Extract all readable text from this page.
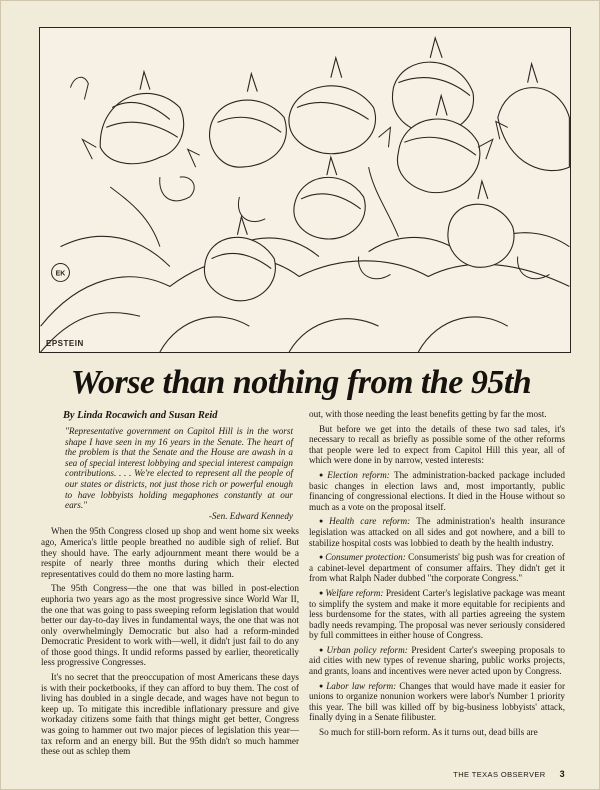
EK
EPSTEIN
Worse than nothing from the 95th
By Linda Rocawich and Susan Reid
"Representative government on Capitol Hill is in the worst shape I have seen in my 16 years in the Senate. The heart of the problem is that the Senate and the House are awash in a sea of special interest lobbying and special interest campaign contributions. . . . We're elected to represent all the people of our states or districts, not just those rich or powerful enough to have lobbyists holding megaphones constantly at our ears."
-Sen. Edward Kennedy

When the 95th Congress closed up shop and went home six weeks ago, America's little people breathed no audible sigh of relief. But they should have. The early adjournment meant there would be a respite of nearly three months during which their elected representatives could do them no more lasting harm.

The 95th Congress—the one that was billed in post-election euphoria two years ago as the most progressive since World War II, the one that was going to pass sweeping reform legislation that would better our day-to-day lives in fundamental ways, the one that was not only overwhelmingly Democratic but also had a reform-minded Democratic President to work with—well, it didn't just fail to do any of those good things. It undid reforms passed by earlier, theoretically less progressive Congresses.

It's no secret that the preoccupation of most Americans these days is with their pocketbooks, if they can afford to buy them. The cost of living has doubled in a single decade, and wages have not begun to keep up. To mitigate this incredible inflationary pressure and give workaday citizens some faith that things might get better, Congress was going to hammer out two major pieces of legislation this year—tax reform and an energy bill. But the 95th didn't so much hammer these out as schlep them

out, with those needing the least benefits getting by far the most.

But before we get into the details of these two sad tales, it's necessary to recall as briefly as possible some of the other reforms that people were led to expect from Capitol Hill this year, all of which were done in by narrow, vested interests:

● Election reform: The administration-backed package included basic changes in election laws and, most importantly, public financing of congressional elections. It died in the House without so much as a vote on the proposal itself.

● Health care reform: The administration's health insurance legislation was attacked on all sides and got nowhere, and a bill to stabilize hospital costs was lobbied to death by the health industry.

● Consumer protection: Consumerists' big push was for creation of a cabinet-level department of consumer affairs. They didn't get it from what Ralph Nader dubbed "the corporate Congress."

● Welfare reform: President Carter's legislative package was meant to simplify the system and make it more equitable for recipients and less burdensome for the states, with all parties agreeing the system badly needs revamping. The proposal was never seriously considered by full committees in either house of Congress.

● Urban policy reform: President Carter's sweeping proposals to aid cities with new types of revenue sharing, public works projects, and grants, loans and incentives were never acted upon by Congress.

● Labor law reform: Changes that would have made it easier for unions to organize nonunion workers were labor's Number 1 priority this year. The bill was killed off by big-business lobbyists' attack, finally dying in a Senate filibuster.

So much for still-born reform. As it turns out, dead bills are

THE TEXAS OBSERVER 3
